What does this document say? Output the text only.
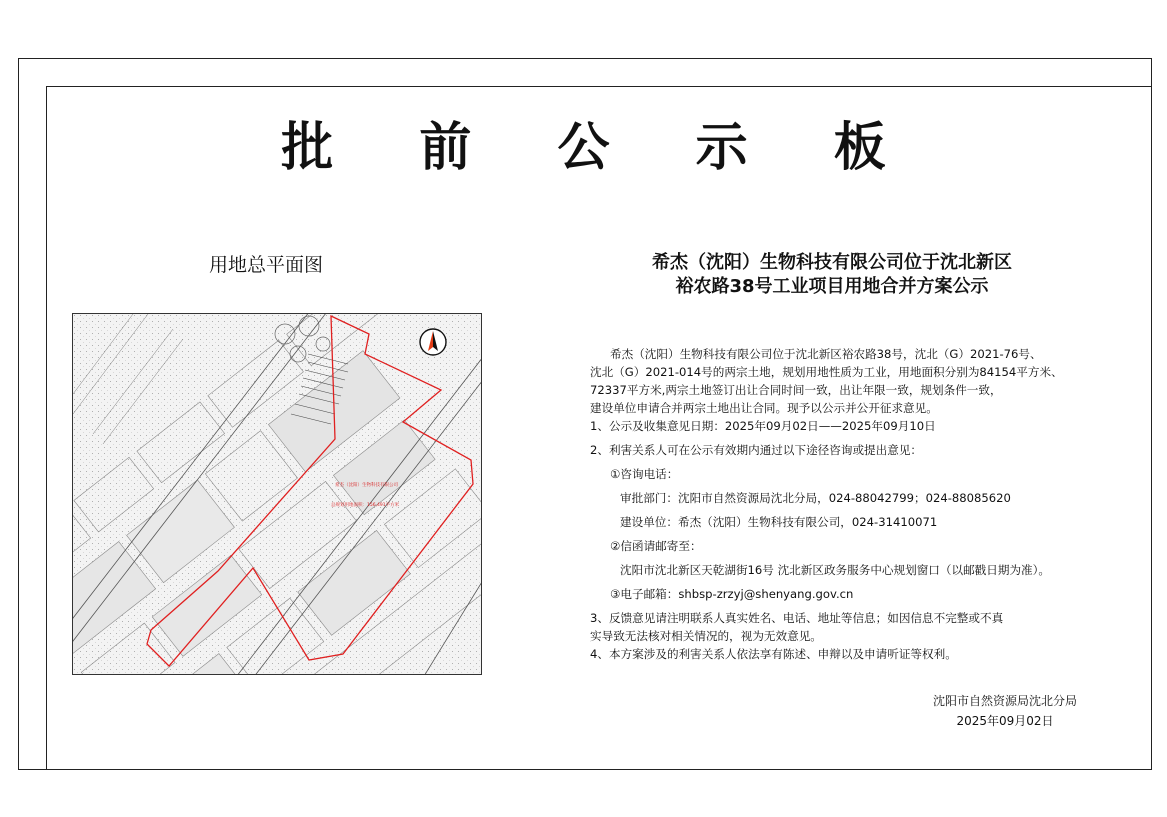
批 前 公 示 板
用地总平面图
希杰（沈阳）生物科技有限公司
总规划用地面积：156,491平方米
希杰（沈阳）生物科技有限公司位于沈北新区
裕农路38号工业项目用地合并方案公示

希杰（沈阳）生物科技有限公司位于沈北新区裕农路38号，沈北（G）2021-76号、

沈北（G）2021-014号的两宗土地，规划用地性质为工业，用地面积分别为84154平方米、

72337平方米,两宗土地签订出让合同时间一致，出让年限一致，规划条件一致，

建设单位申请合并两宗土地出让合同。现予以公示并公开征求意见。

1、公示及收集意见日期：2025年09月02日——2025年09月10日

2、利害关系人可在公示有效期内通过以下途径咨询或提出意见：

①咨询电话：

审批部门：沈阳市自然资源局沈北分局，024-88042799；024-88085620

建设单位：希杰（沈阳）生物科技有限公司，024-31410071

②信函请邮寄至：

沈阳市沈北新区天乾湖街16号 沈北新区政务服务中心规划窗口（以邮戳日期为准）。

③电子邮箱：shbsp-zrzyj@shenyang.gov.cn

3、反馈意见请注明联系人真实姓名、电话、地址等信息；如因信息不完整或不真

实导致无法核对相关情况的，视为无效意见。

4、本方案涉及的利害关系人依法享有陈述、申辩以及申请听证等权利。

沈阳市自然资源局沈北分局
2025年09月02日
